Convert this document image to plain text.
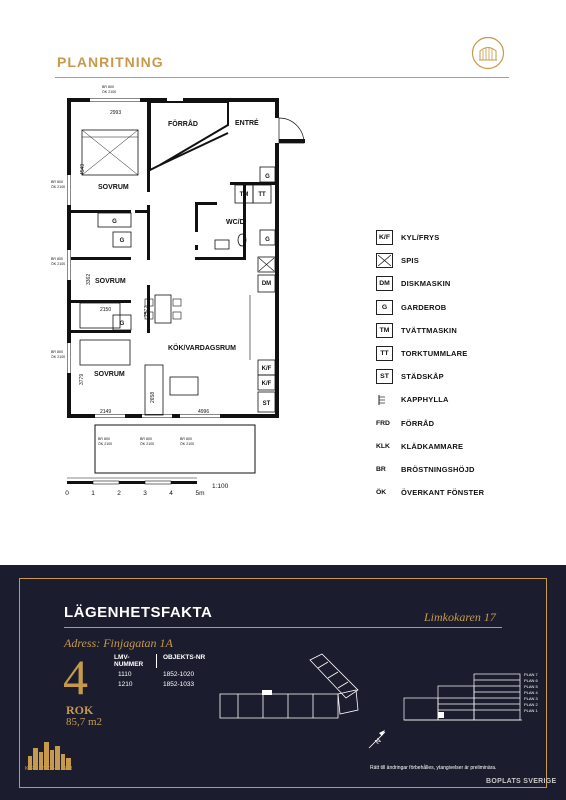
PLANRITNING
FÖRRÅD	ENTRÉ
SOVRUM
SOVRUM
SOVRUM
WC/D
KÖK/VARDAGSRUM
G
G
G
G
G
TM TT
DM
K/F
K/F
ST
2993
4549
3362
2150	2577
3779
2149
2658
4996
BR 800
ÖK 2100
BR 800
ÖK 2100
BR 800
ÖK 2100
BR 800
ÖK 2100
BR 800
ÖK 2100
BR 800
ÖK 2100
BR 800
ÖK 2100
0	1	2	3	4	5m
1:100
K/F	KYL/FRYS
SPIS
DM	DISKMASKIN
G	GARDEROB
TM	TVÄTTMASKIN
TT	TORKTUMMLARE
ST	STÄDSKÅP
KAPPHYLLA
FRD	FÖRRÅD
KLK	KLÄDKAMMARE
BR	BRÖSTNINGSHÖJD
ÖK	ÖVERKANT FÖNSTER
LÄGENHETSFAKTA	Limkokaren 17
Adress: Finjagatan 1A
4
ROK
85,7 m2
LMV-NUMMER
OBJEKTS-NR
1110	1852-1020
1210	1852-1033
N
PLAN 7
PLAN 6
PLAN 5
PLAN 4
PLAN 3
PLAN 2
PLAN 1
Rätt till ändringar förbehålles, ytangivelser är preliminära.
K-FASTIGHETER
BOPLATS SVERIGE
